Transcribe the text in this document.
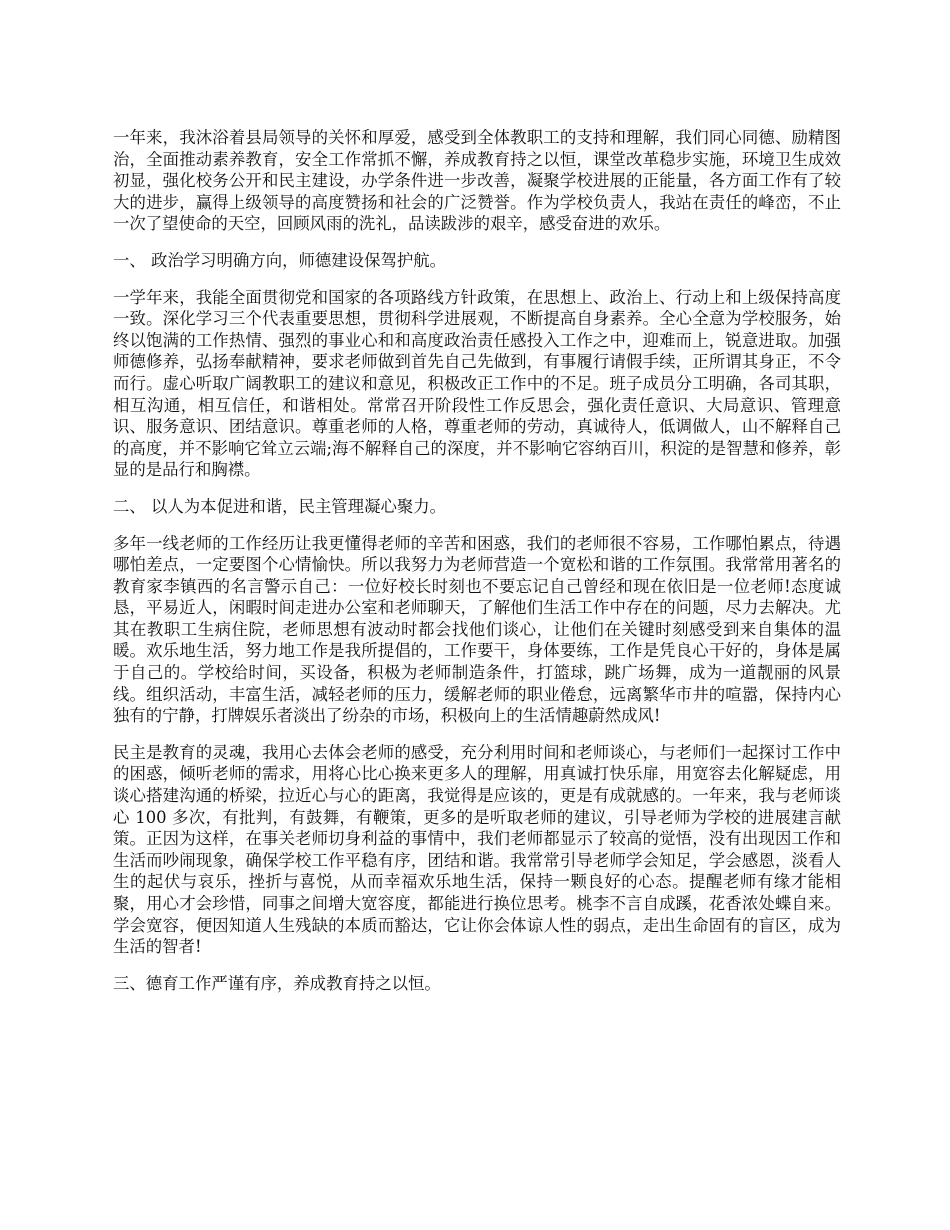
一年来，我沐浴着县局领导的关怀和厚爱，感受到全体教职工的支持和理解，我们同心同德、励精图治，全面推动素养教育，安全工作常抓不懈，养成教育持之以恒，课堂改革稳步实施，环境卫生成效初显，强化校务公开和民主建设，办学条件进一步改善，凝聚学校进展的正能量，各方面工作有了较大的进步，赢得上级领导的高度赞扬和社会的广泛赞誉。作为学校负责人，我站在责任的峰峦，不止一次了望使命的天空，回顾风雨的洗礼，品读跋涉的艰辛，感受奋进的欢乐。

一、 政治学习明确方向，师德建设保驾护航。

一学年来，我能全面贯彻党和国家的各项路线方针政策，在思想上、政治上、行动上和上级保持高度一致。深化学习三个代表重要思想，贯彻科学进展观，不断提高自身素养。全心全意为学校服务，始终以饱满的工作热情、强烈的事业心和和高度政治责任感投入工作之中，迎难而上，锐意进取。加强师德修养，弘扬奉献精神，要求老师做到首先自己先做到，有事履行请假手续，正所谓其身正，不令而行。虚心听取广阔教职工的建议和意见，积极改正工作中的不足。班子成员分工明确，各司其职，相互沟通，相互信任，和谐相处。常常召开阶段性工作反思会，强化责任意识、大局意识、管理意识、服务意识、团结意识。尊重老师的人格，尊重老师的劳动，真诚待人，低调做人，山不解释自己的高度，并不影响它耸立云端;海不解释自己的深度，并不影响它容纳百川，积淀的是智慧和修养，彰显的是品行和胸襟。

二、 以人为本促进和谐，民主管理凝心聚力。

多年一线老师的工作经历让我更懂得老师的辛苦和困惑，我们的老师很不容易，工作哪怕累点，待遇哪怕差点，一定要图个心情愉快。所以我努力为老师营造一个宽松和谐的工作氛围。我常常用著名的教育家李镇西的名言警示自己：一位好校长时刻也不要忘记自己曾经和现在依旧是一位老师!态度诚恳，平易近人，闲暇时间走进办公室和老师聊天，了解他们生活工作中存在的问题，尽力去解决。尤其在教职工生病住院，老师思想有波动时都会找他们谈心，让他们在关键时刻感受到来自集体的温暖。欢乐地生活，努力地工作是我所提倡的，工作要干，身体要练，工作是凭良心干好的，身体是属于自己的。学校给时间，买设备，积极为老师制造条件，打篮球，跳广场舞，成为一道靓丽的风景线。组织活动，丰富生活，减轻老师的压力，缓解老师的职业倦怠，远离繁华市井的喧嚣，保持内心独有的宁静，打牌娱乐者淡出了纷杂的市场，积极向上的生活情趣蔚然成风!

民主是教育的灵魂，我用心去体会老师的感受，充分利用时间和老师谈心，与老师们一起探讨工作中的困惑，倾听老师的需求，用将心比心换来更多人的理解，用真诚打快乐扉，用宽容去化解疑虑，用谈心搭建沟通的桥梁，拉近心与心的距离，我觉得是应该的，更是有成就感的。一年来，我与老师谈心 100 多次，有批判，有鼓舞，有鞭策，更多的是听取老师的建议，引导老师为学校的进展建言献策。正因为这样，在事关老师切身利益的事情中，我们老师都显示了较高的觉悟，没有出现因工作和生活而吵闹现象，确保学校工作平稳有序，团结和谐。我常常引导老师学会知足，学会感恩，淡看人生的起伏与哀乐，挫折与喜悦，从而幸福欢乐地生活，保持一颗良好的心态。提醒老师有缘才能相聚，用心才会珍惜，同事之间增大宽容度，都能进行换位思考。桃李不言自成蹊，花香浓处蝶自来。学会宽容，便因知道人生残缺的本质而豁达，它让你会体谅人性的弱点，走出生命固有的盲区，成为生活的智者!

三、德育工作严谨有序，养成教育持之以恒。
